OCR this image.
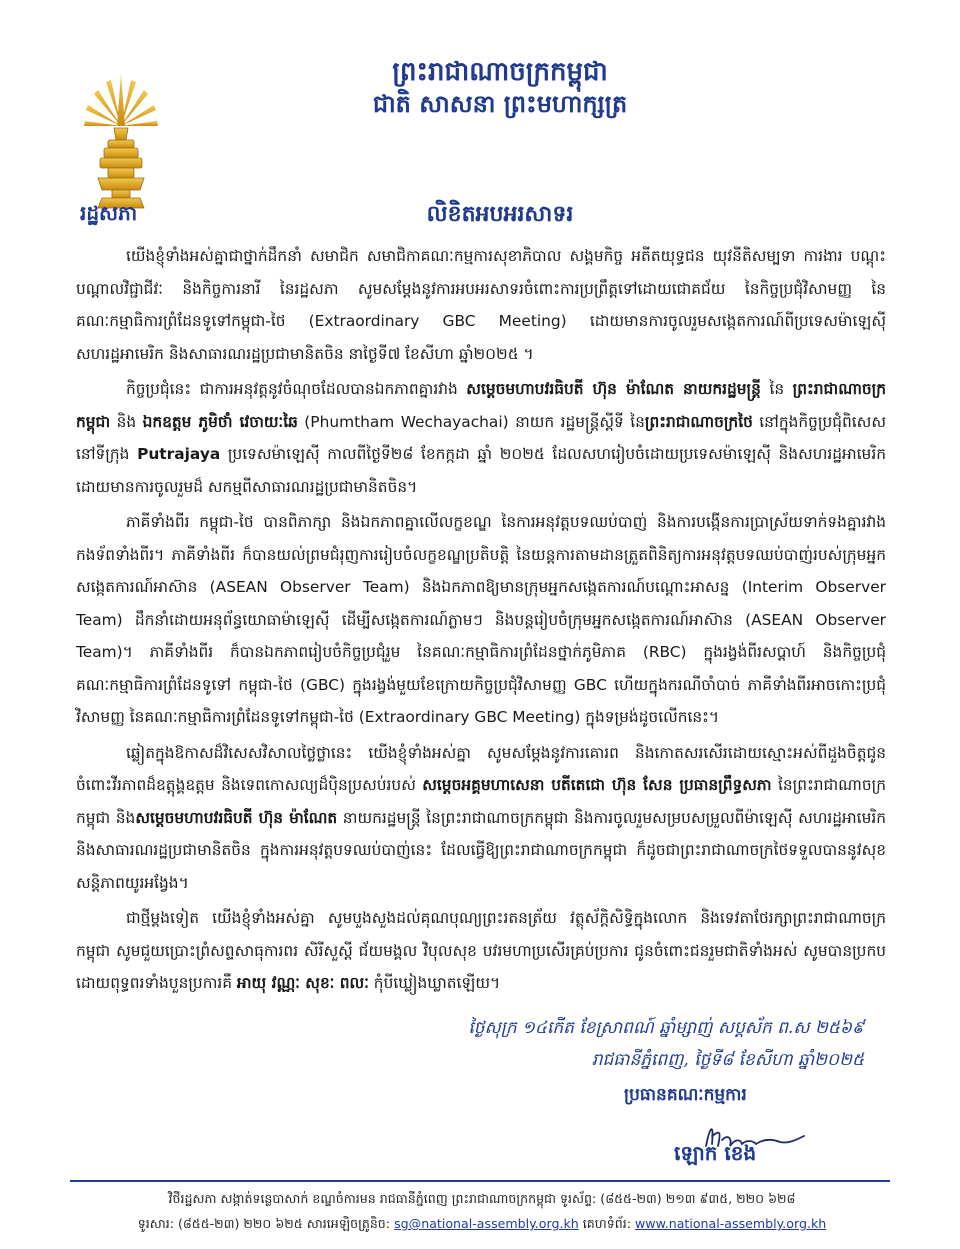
រដ្ឋសភា
ព្រះរាជាណាចក្រកម្ពុជា
ជាតិ សាសនា ព្រះមហាក្សត្រ
លិខិតអបអរសាទរ

យើងខ្ញុំទាំងអស់គ្នាជាថ្នាក់ដឹកនាំ សមាជិក សមាជិកាគណៈកម្មការសុខាភិបាល សង្គមកិច្ច អតីតយុទ្ធជន យុវនីតិសម្បទា ការងារ បណ្តុះបណ្តាលវិជ្ជាជីវៈ និងកិច្ចការនារី នៃរដ្ឋសភា សូមសម្តែងនូវការអបអរសាទរចំពោះការប្រព្រឹត្តទៅដោយជោគជ័យ នៃកិច្ចប្រជុំវិសាមញ្ញ នៃគណៈកម្មាធិការព្រំដែនទូទៅកម្ពុជា-ថៃ (Extraordinary GBC Meeting) ដោយមានការចូលរួមសង្កេតការណ៍ពីប្រទេសម៉ាឡេស៊ី សហរដ្ឋអាមេរិក និងសាធារណរដ្ឋប្រជាមានិតចិន នាថ្ងៃទី៧ ខែសីហា ឆ្នាំ២០២៥ ។

កិច្ចប្រជុំនេះ ជាការអនុវត្តនូវចំណុចដែលបានឯកភាពគ្នារវាង សម្តេចមហាបវរធិបតី ហ៊ុន ម៉ាណែត នាយករដ្ឋមន្ត្រី នៃ ព្រះរាជាណាចក្រកម្ពុជា និង ឯកឧត្តម ភូមិថាំ វេចាយៈឆៃ (Phumtham Wechayachai) នាយក រដ្ឋមន្ត្រីស្តីទី នៃព្រះរាជាណាចក្រថៃ នៅក្នុងកិច្ចប្រជុំពិសេស នៅទីក្រុង Putrajaya ប្រទេសម៉ាឡេស៊ី កាលពីថ្ងៃទី២៨ ខែកក្កដា ឆ្នាំ ២០២៥ ដែលសហរៀបចំដោយប្រទេសម៉ាឡេស៊ី និងសហរដ្ឋអាមេរិក ដោយមានការចូលរួមដ៏ សកម្មពីសាធារណរដ្ឋប្រជាមានិតចិន។

ភាគីទាំងពីរ កម្ពុជា-ថៃ បានពិភាក្សា និងឯកភាពគ្នាលើលក្ខខណ្ឌ នៃការអនុវត្តបទឈប់បាញ់ និងការបង្កើនការប្រាស្រ័យទាក់ទងគ្នារវាងកងទ័ពទាំងពីរ។ ភាគីទាំងពីរ ក៏បានយល់ព្រមជំរុញការរៀបចំលក្ខខណ្ឌប្រតិបត្តិ នៃយន្តការតាមដានត្រួតពិនិត្យការអនុវត្តបទឈប់បាញ់របស់ក្រុមអ្នកសង្កេតការណ៍អាស៊ាន (ASEAN Observer Team) និងឯកភាពឱ្យមានក្រុមអ្នកសង្កេតការណ៍បណ្តោះអាសន្ន (Interim Observer Team) ដឹកនាំដោយអនុព័ន្ធយោធាម៉ាឡេស៊ី ដើម្បីសង្កេតការណ៍ភ្លាមៗ និងបន្តរៀបចំក្រុមអ្នកសង្កេតការណ៍អាស៊ាន (ASEAN Observer Team)។ ភាគីទាំងពីរ ក៏បានឯកភាពរៀបចំកិច្ចប្រជុំរួម នៃគណៈកម្មាធិការព្រំដែនថ្នាក់ភូមិភាគ (RBC) ក្នុងរង្វង់ពីរសប្តាហ៍ និងកិច្ចប្រជុំគណៈកម្មាធិការព្រំដែនទូទៅ កម្ពុជា-ថៃ (GBC) ក្នុងរង្វង់មួយខែក្រោយកិច្ចប្រជុំវិសាមញ្ញ GBC ហើយក្នុងករណីចាំបាច់ ភាគីទាំងពីរអាចកោះប្រជុំវិសាមញ្ញ នៃគណៈកម្មាធិការព្រំដែនទូទៅកម្ពុជា-ថៃ (Extraordinary GBC Meeting) ក្នុងទម្រង់ដូចលើកនេះ។

ឆ្លៀតក្នុងឱកាសដ៏វិសេសវិសាលថ្លៃថ្លានេះ យើងខ្ញុំទាំងអស់គ្នា សូមសម្តែងនូវការគោរព និងកោតសរសើរដោយស្មោះអស់ពីដួងចិត្តជូនចំពោះវីរភាពដ៏ឧត្តុង្គឧត្តម និងទេពកោសល្យដ៏ប៉ិនប្រសប់របស់ សម្តេចអគ្គមហាសេនា បតីតេជោ ហ៊ុន សែន ប្រធានព្រឹទ្ធសភា នៃព្រះរាជាណាចក្រកម្ពុជា និងសម្តេចមហាបវរធិបតី ហ៊ុន ម៉ាណែត នាយករដ្ឋមន្ត្រី នៃព្រះរាជាណាចក្រកម្ពុជា និងការចូលរួមសម្របសម្រួលពីម៉ាឡេស៊ី សហរដ្ឋអាមេរិក និងសាធារណរដ្ឋប្រជាមានិតចិន ក្នុងការអនុវត្តបទឈប់បាញ់នេះ ដែលធ្វើឱ្យព្រះរាជាណាចក្រកម្ពុជា ក៏ដូចជាព្រះរាជាណាចក្រថៃទទួលបាននូវសុខសន្តិភាពយូរអង្វែង។

ជាថ្មីម្តងទៀត យើងខ្ញុំទាំងអស់គ្នា សូមបួងសួងដល់គុណបុណ្យព្រះរតនត្រ័យ វត្ថុស័ក្តិសិទ្ធិក្នុងលោក និងទេវតាថែរក្សាព្រះរាជាណាចក្រកម្ពុជា សូមជួយប្រោះព្រំសព្ទសាធុការពរ សិរីសួស្តី ជ័យមង្គល វិបុលសុខ បវរមហាប្រសើរគ្រប់ប្រការ ជូនចំពោះជនរួមជាតិទាំងអស់ សូមបានប្រកបដោយពុទ្ធពរទាំងបួនប្រការគឺ អាយុ វណ្ណៈ សុខៈ ពលៈ កុំបីឃ្លៀងឃ្លាតឡើយ។

ថ្ងៃសុក្រ ១៤កើត ខែស្រាពណ៍ ឆ្នាំម្សាញ់ សប្តស័ក ព.ស ២៥៦៩
រាជធានីភ្នំពេញ, ថ្ងៃទី៨ ខែសីហា ឆ្នាំ២០២៥
ប្រធានគណៈកម្មការ
ឡោក ខេង
វិថីរដ្ឋសភា សង្កាត់ទន្លេបាសាក់ ខណ្ឌចំការមន រាជធានីភ្នំពេញ ព្រះរាជាណាចក្រកម្ពុជា ទូរស័ព្ទ: (៨៥៥-២៣) ២១៣ ៩៣៥, ២២០ ៦២៨
ទូរសារ: (៨៥៥-២៣) ២២០ ៦២៥ សារអេឡិចត្រូនិច: sg@national-assembly.org.kh គេហទំព័រ: www.national-assembly.org.kh
